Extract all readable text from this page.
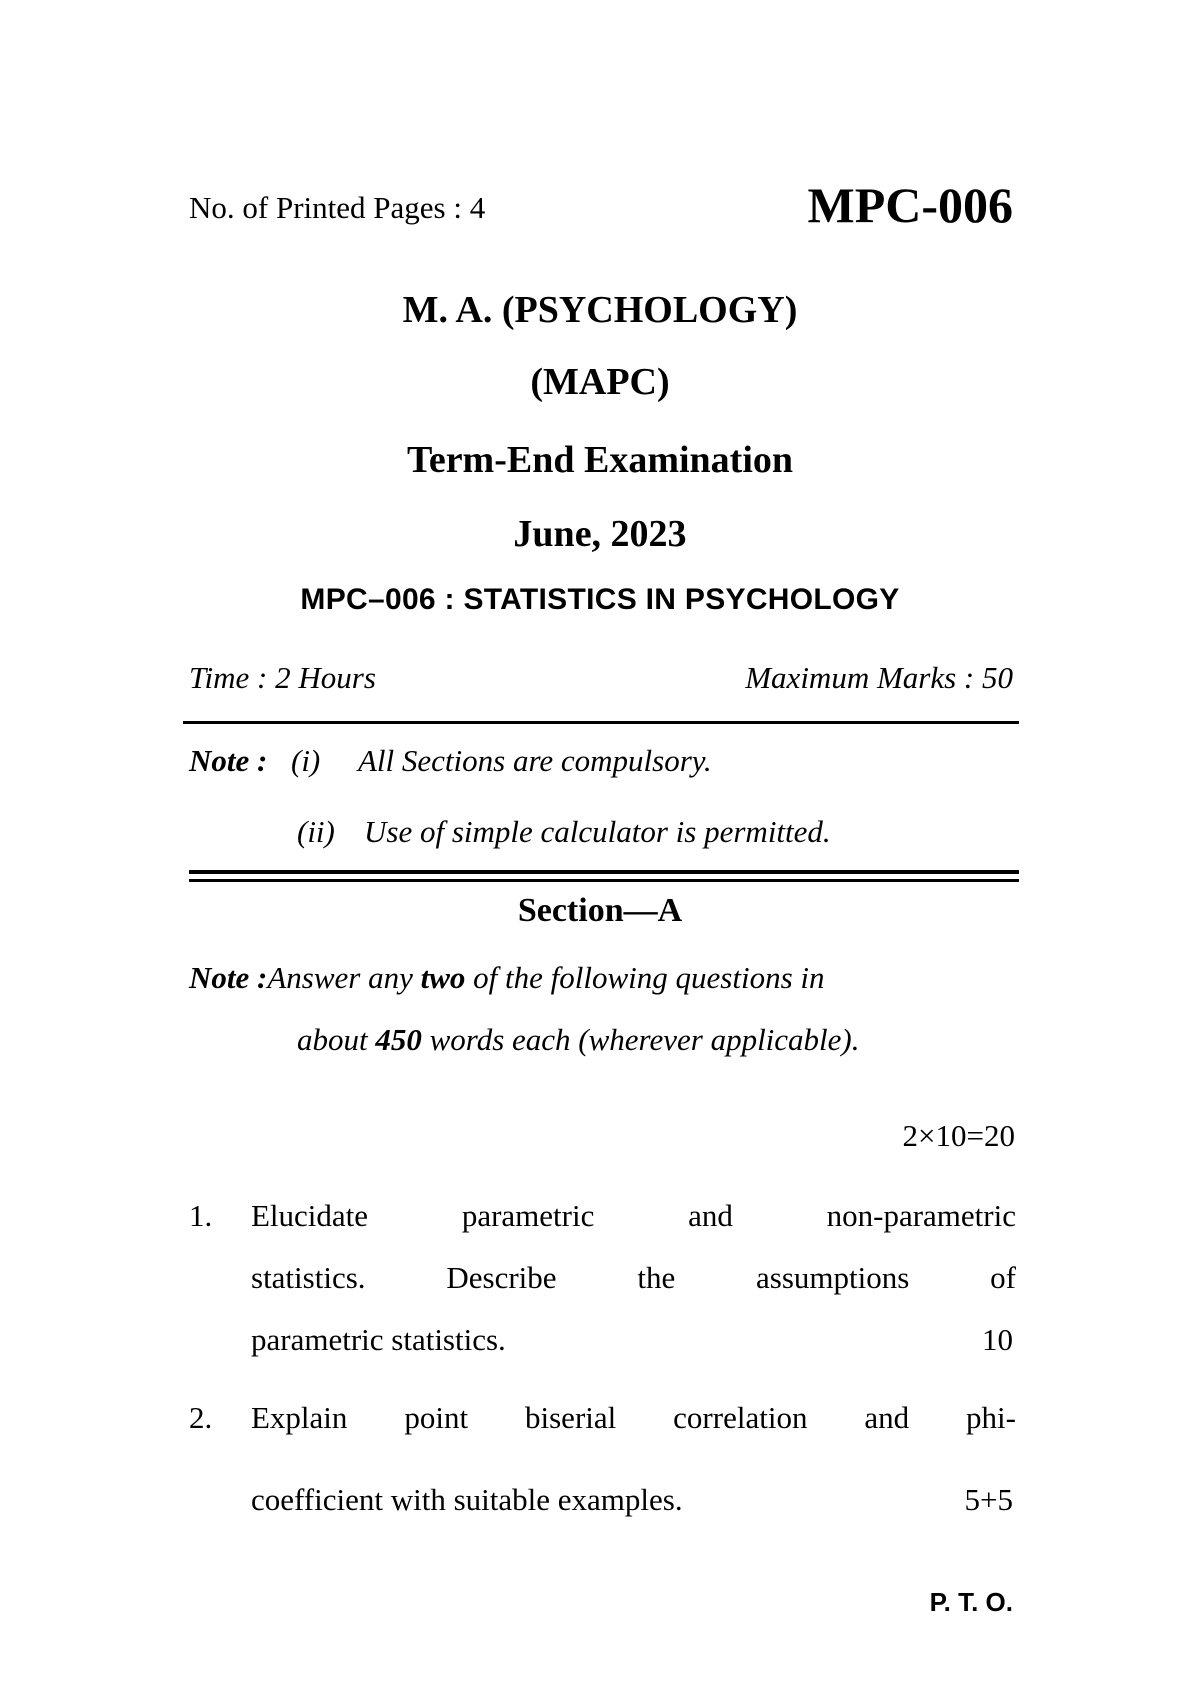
No. of Printed Pages : 4	MPC-006
M. A. (PSYCHOLOGY)
(MAPC)
Term-End Examination
June, 2023
MPC–006 : STATISTICS IN PSYCHOLOGY
Time : 2 Hours	Maximum Marks : 50
Note : (i) All Sections are compulsory.
(ii) Use of simple calculator is permitted.
Section—A
Note :Answer any two of the following questions in
about 450 words each (wherever applicable).
2×10=20
1. Elucidate parametric and non-parametric
statistics. Describe the assumptions of
parametric statistics.	10
2. Explain point biserial correlation and phi-
coefficient with suitable examples.	5+5
P. T. O.
